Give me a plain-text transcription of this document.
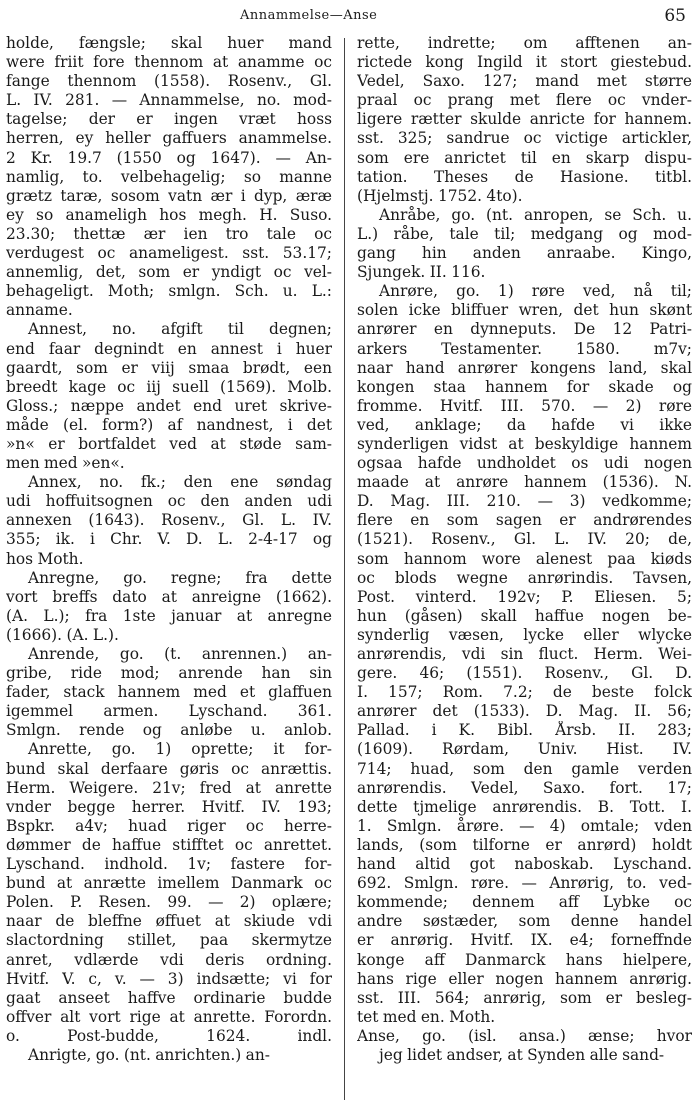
Annammelse—Anse	65
holde, fængsle; skal huer mand
were friit fore thennom at anamme oc
fange thennom (1558). Rosenv., Gl.
L. IV. 281. — Annammelse, no. mod-
tagelse; der er ingen vræt hoss
herren, ey heller gaffuers anammelse.
2 Kr. 19.7 (1550 og 1647). — An-
namlig, to. velbehagelig; so manne
grætz taræ, sosom vatn ær i dyp, æræ
ey so anameligh hos megh. H. Suso.
23.30; thettæ ær ien tro tale oc
verdugest oc anameligest. sst. 53.17;
annemlig, det, som er yndigt oc vel-
behageligt. Moth; smlgn. Sch. u. L.:
anname.
Annest, no. afgift til degnen;
end faar degnindt en annest i huer
gaardt, som er viij smaa brødt, een
breedt kage oc iij suell (1569). Molb.
Gloss.; næppe andet end uret skrive-
måde (el. form?) af nandnest, i det
»n« er bortfaldet ved at støde sam-
men med »en«.
Annex, no. fk.; den ene søndag
udi hoffuitsognen oc den anden udi
annexen (1643). Rosenv., Gl. L. IV.
355; ik. i Chr. V. D. L. 2-4-17 og
hos Moth.
Anregne, go. regne; fra dette
vort breffs dato at anreigne (1662).
(A. L.); fra 1ste januar at anregne
(1666). (A. L.).
Anrende, go. (t. anrennen.) an-
gribe, ride mod; anrende han sin
fader, stack hannem med et glaffuen
igemmel armen. Lyschand. 361.
Smlgn. rende og anløbe u. anlob.
Anrette, go. 1) oprette; it for-
bund skal derfaare gøris oc anrættis.
Herm. Weigere. 21v; fred at anrette
vnder begge herrer. Hvitf. IV. 193;
Bspkr. a4v; huad riger oc herre-
dømmer de haffue stifftet oc anrettet.
Lyschand. indhold. 1v; fastere for-
bund at anrætte imellem Danmark oc
Polen. P. Resen. 99. — 2) oplære;
naar de bleffne øffuet at skiude vdi
slactordning stillet, paa skermytze
anret, vdlærde vdi deris ordning.
Hvitf. V. c, v. — 3) indsætte; vi for
gaat anseet haffve ordinarie budde
offver alt vort rige at anrette. Forordn.
o. Post-budde, 1624. indl.
Anrigte, go. (nt. anrichten.) an-
rette, indrette; om afftenen an-
rictede kong Ingild it stort giestebud.
Vedel, Saxo. 127; mand met større
praal oc prang met flere oc vnder-
ligere rætter skulde anricte for hannem.
sst. 325; sandrue oc victige artickler,
som ere anrictet til en skarp dispu-
tation. Theses de Hasione. titbl.
(Hjelmstj. 1752. 4to).
Anråbe, go. (nt. anropen, se Sch. u.
L.) råbe, tale til; medgang og mod-
gang hin anden anraabe. Kingo,
Sjungek. II. 116.
Anrøre, go. 1) røre ved, nå til;
solen icke bliffuer wren, det hun skønt
anrører en dynneputs. De 12 Patri-
arkers Testamenter. 1580. m7v;
naar hand anrører kongens land, skal
kongen staa hannem for skade og
fromme. Hvitf. III. 570. — 2) røre
ved, anklage; da hafde vi ikke
synderligen vidst at beskyldige hannem
ogsaa hafde undholdet os udi nogen
maade at anrøre hannem (1536). N.
D. Mag. III. 210. — 3) vedkomme;
flere en som sagen er andrørendes
(1521). Rosenv., Gl. L. IV. 20; de,
som hannom wore alenest paa kiøds
oc blods wegne anrørindis. Tavsen,
Post. vinterd. 192v; P. Eliesen. 5;
hun (gåsen) skall haffue nogen be-
synderlig væsen, lycke eller wlycke
anrørendis, vdi sin fluct. Herm. Wei-
gere. 46; (1551). Rosenv., Gl. D.
I. 157; Rom. 7.2; de beste folck
anrører det (1533). D. Mag. II. 56;
Pallad. i K. Bibl. Årsb. II. 283;
(1609). Rørdam, Univ. Hist. IV.
714; huad, som den gamle verden
anrørendis. Vedel, Saxo. fort. 17;
dette tjmelige anrørendis. B. Tott. I.
1. Smlgn. årøre. — 4) omtale; vden
lands, (som tilforne er anrørd) holdt
hand altid got naboskab. Lyschand.
692. Smlgn. røre. — Anrørig, to. ved-
kommende; dennem aff Lybke oc
andre søstæder, som denne handel
er anrørig. Hvitf. IX. e4; forneffnde
konge aff Danmarck hans hielpere,
hans rige eller nogen hannem anrørig.
sst. III. 564; anrørig, som er besleg-
tet med en. Moth.
Anse, go. (isl. ansa.) ænse; hvor
jeg lidet andser, at Synden alle sand-
